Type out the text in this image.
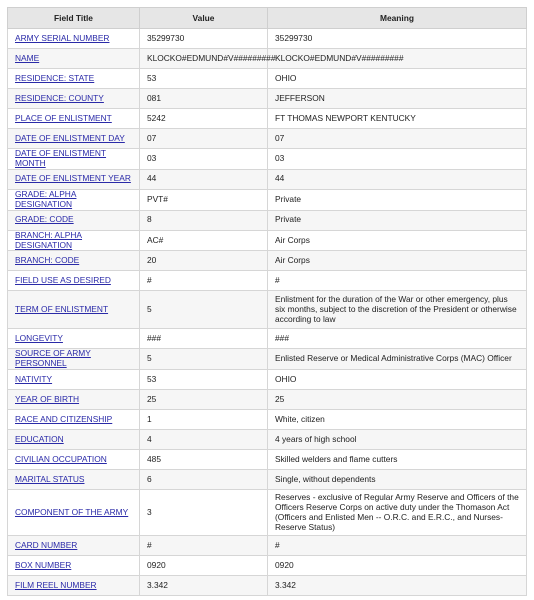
Field Title	Value	Meaning
ARMY SERIAL NUMBER	35299730	35299730
NAME	KLOCKO#EDMUND#V#########	KLOCKO#EDMUND#V#########
RESIDENCE: STATE	53	OHIO
RESIDENCE: COUNTY	081	JEFFERSON
PLACE OF ENLISTMENT	5242	FT THOMAS NEWPORT KENTUCKY
DATE OF ENLISTMENT DAY	07	07
DATE OF ENLISTMENT MONTH	03	03
DATE OF ENLISTMENT YEAR	44	44
GRADE: ALPHA DESIGNATION	PVT#	Private
GRADE: CODE	8	Private
BRANCH: ALPHA DESIGNATION	AC#	Air Corps
BRANCH: CODE	20	Air Corps
FIELD USE AS DESIRED	#	#
TERM OF ENLISTMENT	5	Enlistment for the duration of the War or other emergency, plus six months, subject to the discretion of the President or otherwise according to law
LONGEVITY	###	###
SOURCE OF ARMY PERSONNEL	5	Enlisted Reserve or Medical Administrative Corps (MAC) Officer
NATIVITY	53	OHIO
YEAR OF BIRTH	25	25
RACE AND CITIZENSHIP	1	White, citizen
EDUCATION	4	4 years of high school
CIVILIAN OCCUPATION	485	Skilled welders and flame cutters
MARITAL STATUS	6	Single, without dependents
COMPONENT OF THE ARMY	3	Reserves - exclusive of Regular Army Reserve and Officers of the Officers Reserve Corps on active duty under the Thomason Act (Officers and Enlisted Men -- O.R.C. and E.R.C., and Nurses-Reserve Status)
CARD NUMBER	#	#
BOX NUMBER	0920	0920
FILM REEL NUMBER	3.342	3.342
